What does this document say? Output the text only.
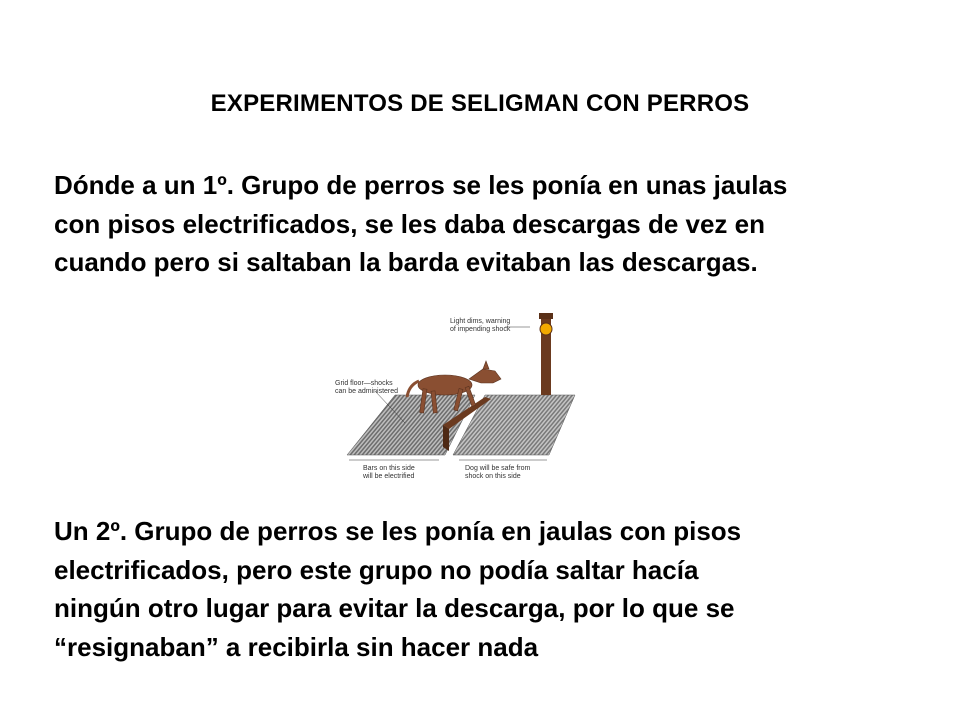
EXPERIMENTOS DE SELIGMAN CON PERROS
Dónde a un 1º. Grupo de perros se les ponía en unas jaulas
con pisos electrificados, se les daba descargas de vez en
cuando pero si saltaban la barda evitaban las descargas.
Light dims, warning
of impending shock
Grid floor—shocks
can be administered
Bars on this side
will be electrified
Dog will be safe from
shock on this side
Un 2º. Grupo de perros se les ponía en jaulas con pisos
electrificados, pero este grupo no podía saltar hacía
ningún otro lugar para evitar la descarga, por lo que se
“resignaban” a recibirla sin hacer nada
